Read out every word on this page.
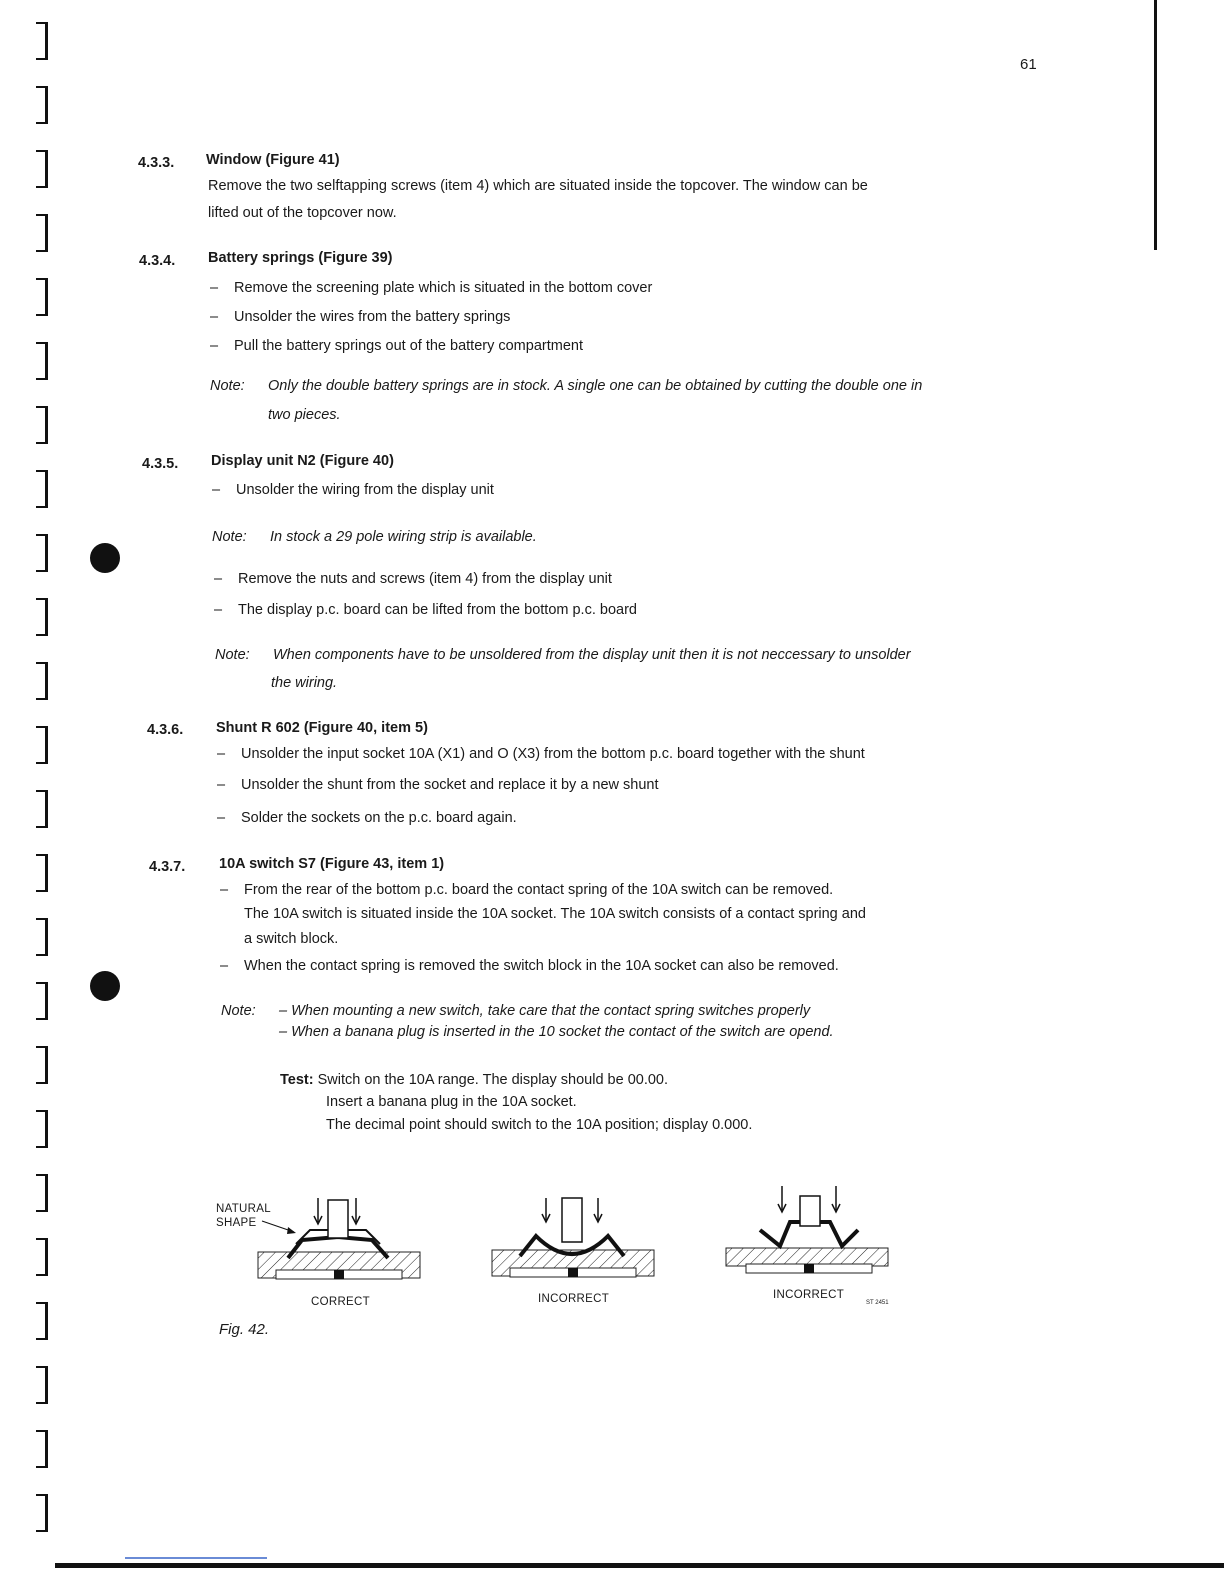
61
4.3.3. Window (Figure 41)
Remove the two selftapping screws (item 4) which are situated inside the topcover. The window can be
lifted out of the topcover now.
4.3.4. Battery springs (Figure 39)
– Remove the screening plate which is situated in the bottom cover
– Unsolder the wires from the battery springs
– Pull the battery springs out of the battery compartment
Note: Only the double battery springs are in stock. A single one can be obtained by cutting the double one in
two pieces.
4.3.5. Display unit N2 (Figure 40)
– Unsolder the wiring from the display unit
Note: In stock a 29 pole wiring strip is available.
– Remove the nuts and screws (item 4) from the display unit
– The display p.c. board can be lifted from the bottom p.c. board
Note: When components have to be unsoldered from the display unit then it is not neccessary to unsolder
the wiring.
4.3.6. Shunt R 602 (Figure 40, item 5)
– Unsolder the input socket 10A (X1) and O (X3) from the bottom p.c. board together with the shunt
– Unsolder the shunt from the socket and replace it by a new shunt
– Solder the sockets on the p.c. board again.
4.3.7. 10A switch S7 (Figure 43, item 1)
– From the rear of the bottom p.c. board the contact spring of the 10A switch can be removed.
The 10A switch is situated inside the 10A socket. The 10A switch consists of a contact spring and
a switch block.
– When the contact spring is removed the switch block in the 10A socket can also be removed.
Note: – When mounting a new switch, take care that the contact spring switches properly
– When a banana plug is inserted in the 10 socket the contact of the switch are opend.
Test: Switch on the 10A range. The display should be 00.00.
Insert a banana plug in the 10A socket.
The decimal point should switch to the 10A position; display 0.000.
NATURAL
SHAPE
CORRECT	INCORRECT	INCORRECT
ST 2451
Fig. 42.
